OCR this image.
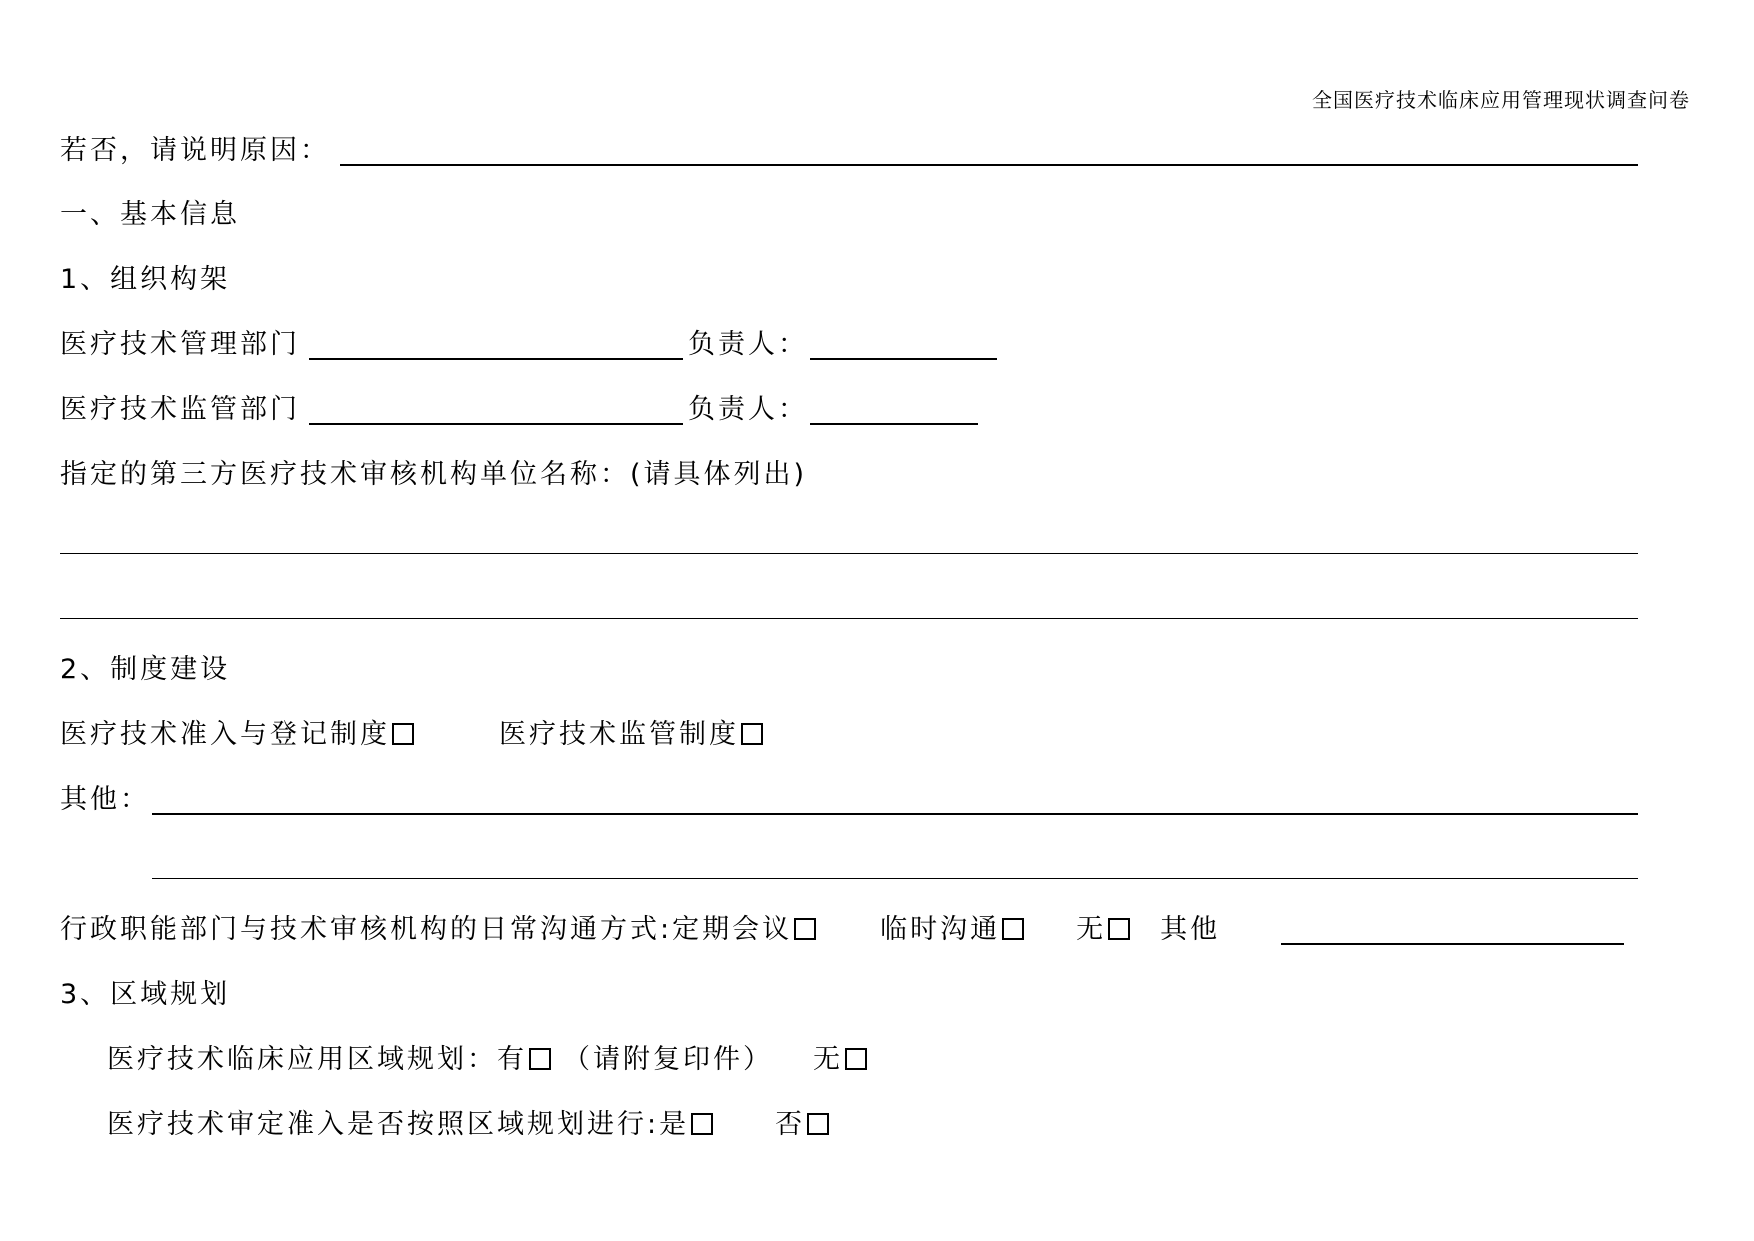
全国医疗技术临床应用管理现状调查问卷
若否，请说明原因：
一、基本信息
1、组织构架
医疗技术管理部门	负责人：
医疗技术监管部门	负责人：
指定的第三方医疗技术审核机构单位名称：(请具体列出)
2、制度建设
医疗技术准入与登记制度	医疗技术监管制度
其他：
行政职能部门与技术审核机构的日常沟通方式:定期会议	临时沟通	无 其他
3、区域规划
医疗技术临床应用区域规划：有 （请附复印件） 无
医疗技术审定准入是否按照区域规划进行:是	否
